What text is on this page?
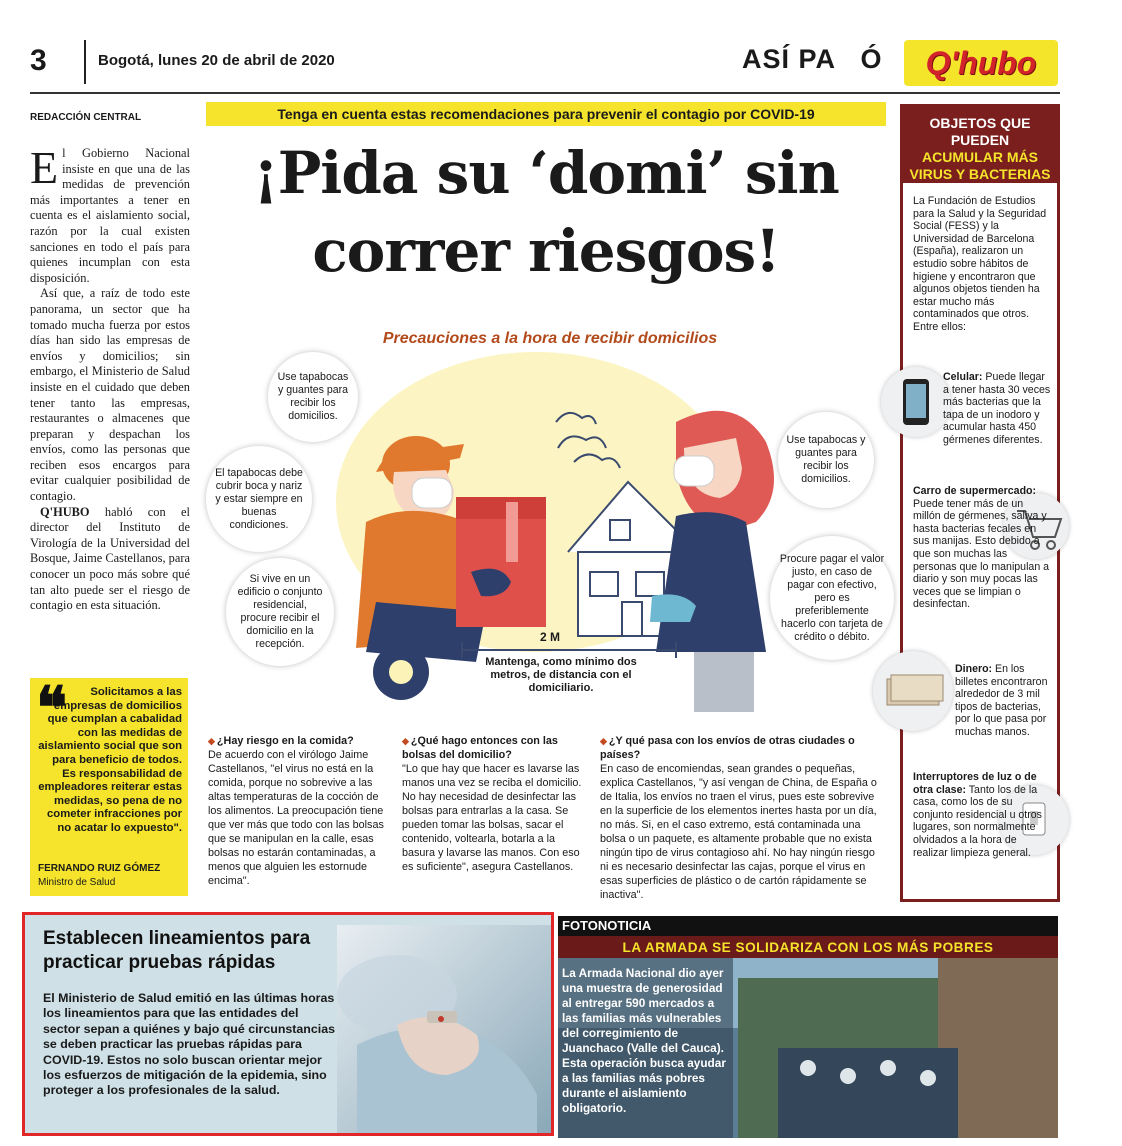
3	Bogotá, lunes 20 de abril de 2020	ASÍ PA   Ó Q'hubo
REDACCIÓN CENTRAL

El Gobierno Nacional insiste en que una de las medidas de prevención más importantes a tener en cuenta es el aislamiento social, razón por la cual existen sanciones en todo el país para quienes incumplan con esta disposición.

Así que, a raíz de todo este panorama, un sector que ha tomado mucha fuerza por estos días han sido las empresas de envíos y domicilios; sin embargo, el Ministerio de Salud insiste en el cuidado que deben tener tanto las empresas, restaurantes o almacenes que preparan y despachan los envíos, como las personas que reciben esos encargos para evitar cualquier posibilidad de contagio.

Q'HUBO habló con el director del Instituto de Virología de la Universidad del Bosque, Jaime Castellanos, para conocer un poco más sobre qué tan alto puede ser el riesgo de contagio en esta situación.

❝	Solicitamos a las empresas de domicilios que cumplan a cabalidad con las medidas de aislamiento social que son para beneficio de todos. Es responsabilidad de empleadores reiterar estas medidas, so pena de no cometer infracciones por no acatar lo expuesto".
FERNANDO RUIZ GÓMEZ
Ministro de Salud
Tenga en cuenta estas recomendaciones para prevenir el contagio por COVID-19
¡Pida su ‘domi’ sin
correr riesgos!
Precauciones a la hora de recibir domicilios
Use tapabocas y guantes para recibir los domicilios.
El tapabocas debe cubrir boca y nariz y estar siempre en buenas condiciones.
Si vive en un edificio o conjunto residencial, procure recibir el domicilio en la recepción.
Use tapabocas y guantes para recibir los domicilios.
Procure pagar el valor justo, en caso de pagar con efectivo, pero es preferiblemente hacerlo con tarjeta de crédito o débito.
2 M
Mantenga, como mínimo dos metros, de distancia con el domiciliario.
◆ ¿Hay riesgo en la comida?
De acuerdo con el virólogo Jaime Castellanos, "el virus no está en la comida, porque no sobrevive a las altas temperaturas de la cocción de los alimentos. La preocupación tiene que ver más que todo con las bolsas que se manipulan en la calle, esas bolsas no estarán contaminadas, a menos que alguien les estornude encima".
◆ ¿Qué hago entonces con las bolsas del domicilio?
"Lo que hay que hacer es lavarse las manos una vez se reciba el domicilio. No hay necesidad de desinfectar las bolsas para entrarlas a la casa. Se pueden tomar las bolsas, sacar el contenido, voltearla, botarla a la basura y lavarse las manos. Con eso es suficiente", asegura Castellanos.
◆ ¿Y qué pasa con los envíos de otras ciudades o países?
En caso de encomiendas, sean grandes o pequeñas, explica Castellanos, "y así vengan de China, de España o de Italia, los envíos no traen el virus, pues este sobrevive en la superficie de los elementos inertes hasta por un día, no más. Si, en el caso extremo, está contaminada una bolsa o un paquete, es altamente probable que no exista ningún tipo de virus contagioso ahí. No hay ningún riesgo ni es necesario desinfectar las cajas, porque el virus en esas superficies de plástico o de cartón rápidamente se inactiva".
OBJETOS QUE PUEDEN
ACUMULAR MÁS VIRUS Y BACTERIAS
La Fundación de Estudios para la Salud y la Seguridad Social (FESS) y la Universidad de Barcelona (España), realizaron un estudio sobre hábitos de higiene y encontraron que algunos objetos tienden ha estar mucho más contaminados que otros. Entre ellos:
Celular: Puede llegar a tener hasta 30 veces más bacterias que la tapa de un inodoro y acumular hasta 450 gérmenes diferentes.
Carro de supermercado: Puede tener más de un millón de gérmenes, saliva y hasta bacterias fecales en sus manijas. Esto debido a que son muchas las personas que lo manipulan a diario y son muy pocas las veces que se limpian o desinfectan.
Dinero: En los billetes encontraron alrededor de 3 mil tipos de bacterias, por lo que pasa por muchas manos.
Interruptores de luz o de otra clase: Tanto los de la casa, como los de su conjunto residencial u otros lugares, son normalmente olvidados a la hora de realizar limpieza general.
Establecen lineamientos para practicar pruebas rápidas
El Ministerio de Salud emitió en las últimas horas los lineamientos para que las entidades del sector sepan a quiénes y bajo qué circunstancias se deben practicar las pruebas rápidas para COVID-19. Estos no solo buscan orientar mejor los esfuerzos de mitigación de la epidemia, sino proteger a los profesionales de la salud.
FOTONOTICIA
LA ARMADA SE SOLIDARIZA CON LOS MÁS POBRES
La Armada Nacional dio ayer una muestra de generosidad al entregar 590 mercados a las familias más vulnerables del corregimiento de Juanchaco (Valle del Cauca). Esta operación busca ayudar a las familias más pobres durante el aislamiento obligatorio.
